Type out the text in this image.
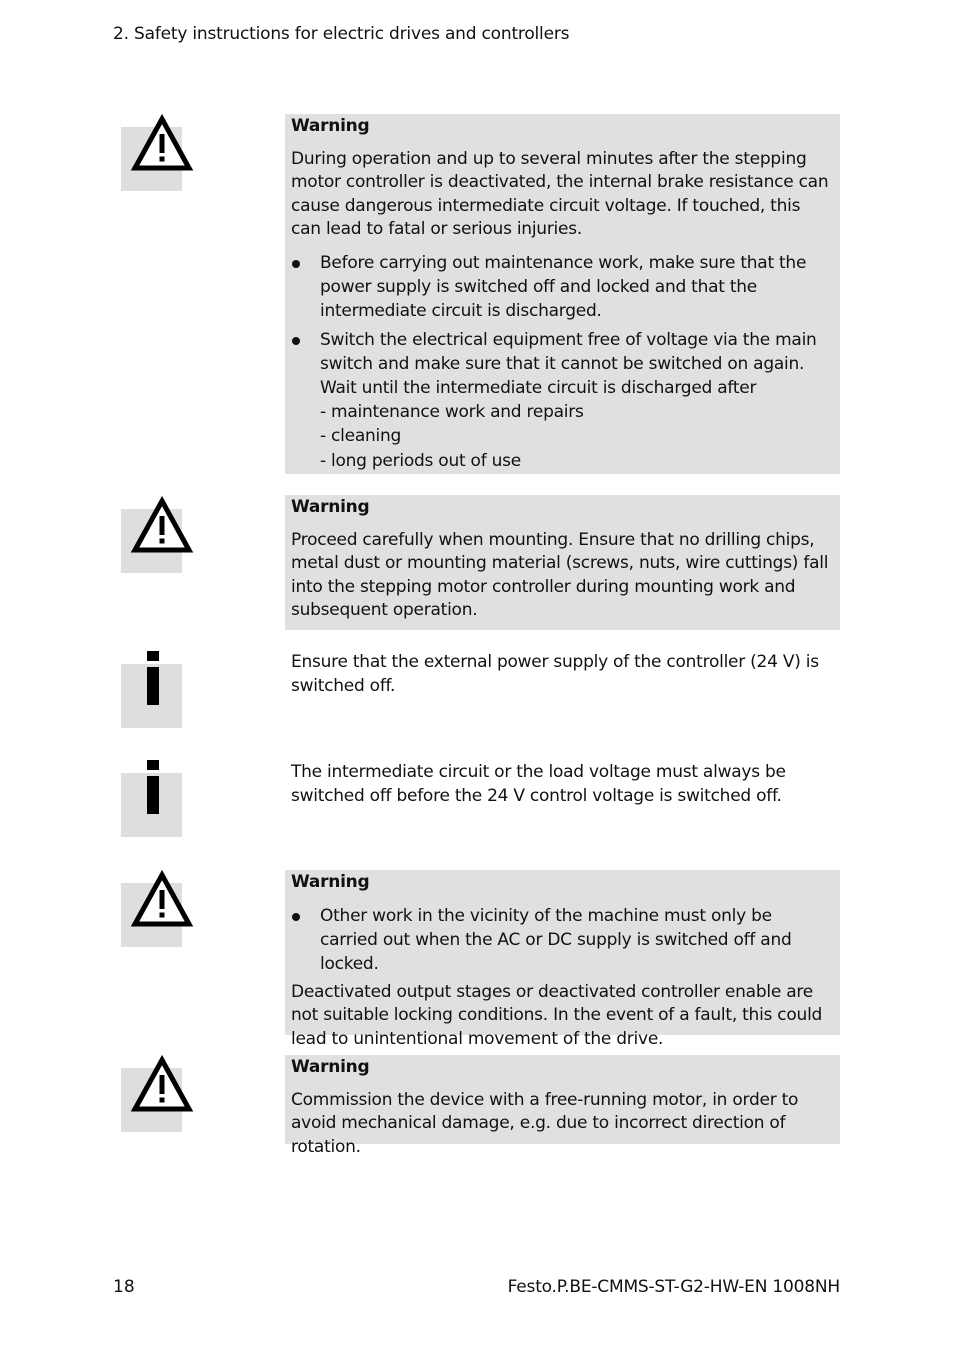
2. Safety instructions for electric drives and controllers

Warning

During operation and up to several minutes after the stepping motor controller is deactivated, the internal brake resistance can cause dangerous intermediate circuit voltage. If touched, this can lead to fatal or serious injuries.

Before carrying out maintenance work, make sure that the power supply is switched off and locked and that the intermediate circuit is discharged.
Switch the electrical equipment free of voltage via the main switch and make sure that it cannot be switched on again. Wait until the intermediate circuit is discharged after
- maintenance work and repairs
- cleaning
- long periods out of use

Warning

Proceed carefully when mounting. Ensure that no drilling chips, metal dust or mounting material (screws, nuts, wire cuttings) fall into the stepping motor controller during mounting work and subsequent operation.

Ensure that the external power supply of the controller (24 V) is switched off.

The intermediate circuit or the load voltage must always be switched off before the 24 V control voltage is switched off.

Warning

Other work in the vicinity of the machine must only be carried out when the AC or DC supply is switched off and locked.

Deactivated output stages or deactivated controller enable are not suitable locking conditions. In the event of a fault, this could lead to unintentional movement of the drive.

Warning

Commission the device with a free-running motor, in order to avoid mechanical damage, e.g. due to incorrect direction of rotation.

18	Festo.P.BE-CMMS-ST-G2-HW-EN 1008NH
